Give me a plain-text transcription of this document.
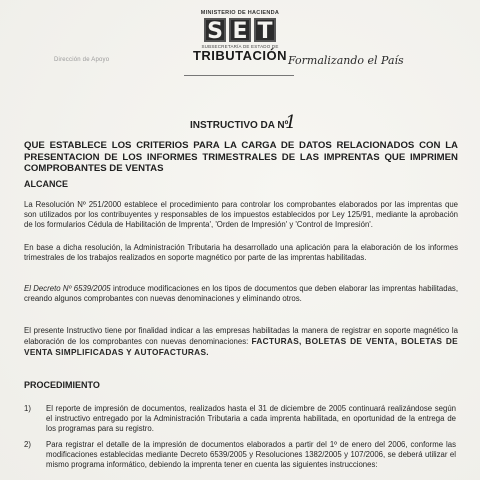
Dirección de Apoyo
MINISTERIO DE HACIENDA
S E T
SUBSECRETARÍA DE ESTADO DE
TRIBUTACIÓN Formalizando el País
INSTRUCTIVO DA Nº
1
QUE ESTABLECE LOS CRITERIOS PARA LA CARGA DE DATOS RELACIONADOS CON LA PRESENTACION DE LOS INFORMES TRIMESTRALES DE LAS IMPRENTAS QUE IMPRIMEN COMPROBANTES DE VENTAS
ALCANCE
La Resolución Nº 251/2000 establece el procedimiento para controlar los comprobantes elaborados por las imprentas que son utilizados por los contribuyentes y responsables de los impuestos establecidos por Ley 125/91, mediante la aprobación de los formularios Cédula de Habilitación de Imprenta', 'Orden de Impresión' y 'Control de Impresión'.
En base a dicha resolución, la Administración Tributaria ha desarrollado una aplicación para la elaboración de los informes trimestrales de los trabajos realizados en soporte magnético por parte de las imprentas habilitadas.
El Decreto Nº 6539/2005 introduce modificaciones en los tipos de documentos que deben elaborar las imprentas habilitadas, creando algunos comprobantes con nuevas denominaciones y eliminando otros.
El presente Instructivo tiene por finalidad indicar a las empresas habilitadas la manera de registrar en soporte magnético la elaboración de los comprobantes con nuevas denominaciones: FACTURAS, BOLETAS DE VENTA, BOLETAS DE VENTA SIMPLIFICADAS Y AUTOFACTURAS.
PROCEDIMIENTO
1) El reporte de impresión de documentos, realizados hasta el 31 de diciembre de 2005 continuará realizándose según el instructivo entregado por la Administración Tributaria a cada imprenta habilitada, en oportunidad de la entrega de los programas para su registro.
2) Para registrar el detalle de la impresión de documentos elaborados a partir del 1º de enero del 2006, conforme las modificaciones establecidas mediante Decreto 6539/2005 y Resoluciones 1382/2005 y 107/2006, se deberá utilizar el mismo programa informático, debiendo la imprenta tener en cuenta las siguientes instrucciones:
